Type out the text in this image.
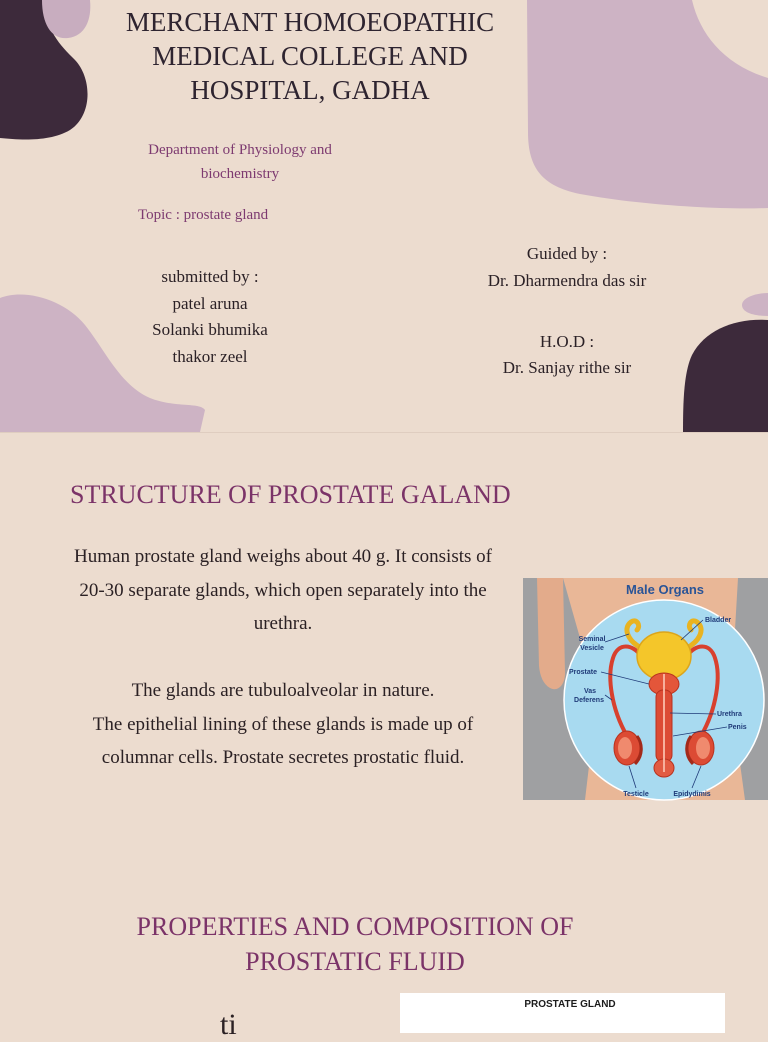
MERCHANT HOMOEOPATHIC
MEDICAL COLLEGE AND
HOSPITAL, GADHA
Department of Physiology and
biochemistry
Topic : prostate gland
submitted by :
patel aruna
Solanki bhumika
thakor zeel
Guided by :
Dr. Dharmendra das sir
H.O.D :
Dr. Sanjay rithe sir
STRUCTURE OF PROSTATE GALAND
Human prostate gland weighs about 40 g. It consists of
20-30 separate glands, which open separately into the
urethra.
The glands are tubuloalveolar in nature.
The epithelial lining of these glands is made up of
columnar cells. Prostate secretes prostatic fluid.
Male Organs
Bladder
Seminal
Vesicle
Prostate
Vas
Deferens
Urethra
Penis
Testicle	Epidydimis
PROPERTIES AND COMPOSITION OF
PROSTATIC FLUID
ti
PROSTATE GLAND
